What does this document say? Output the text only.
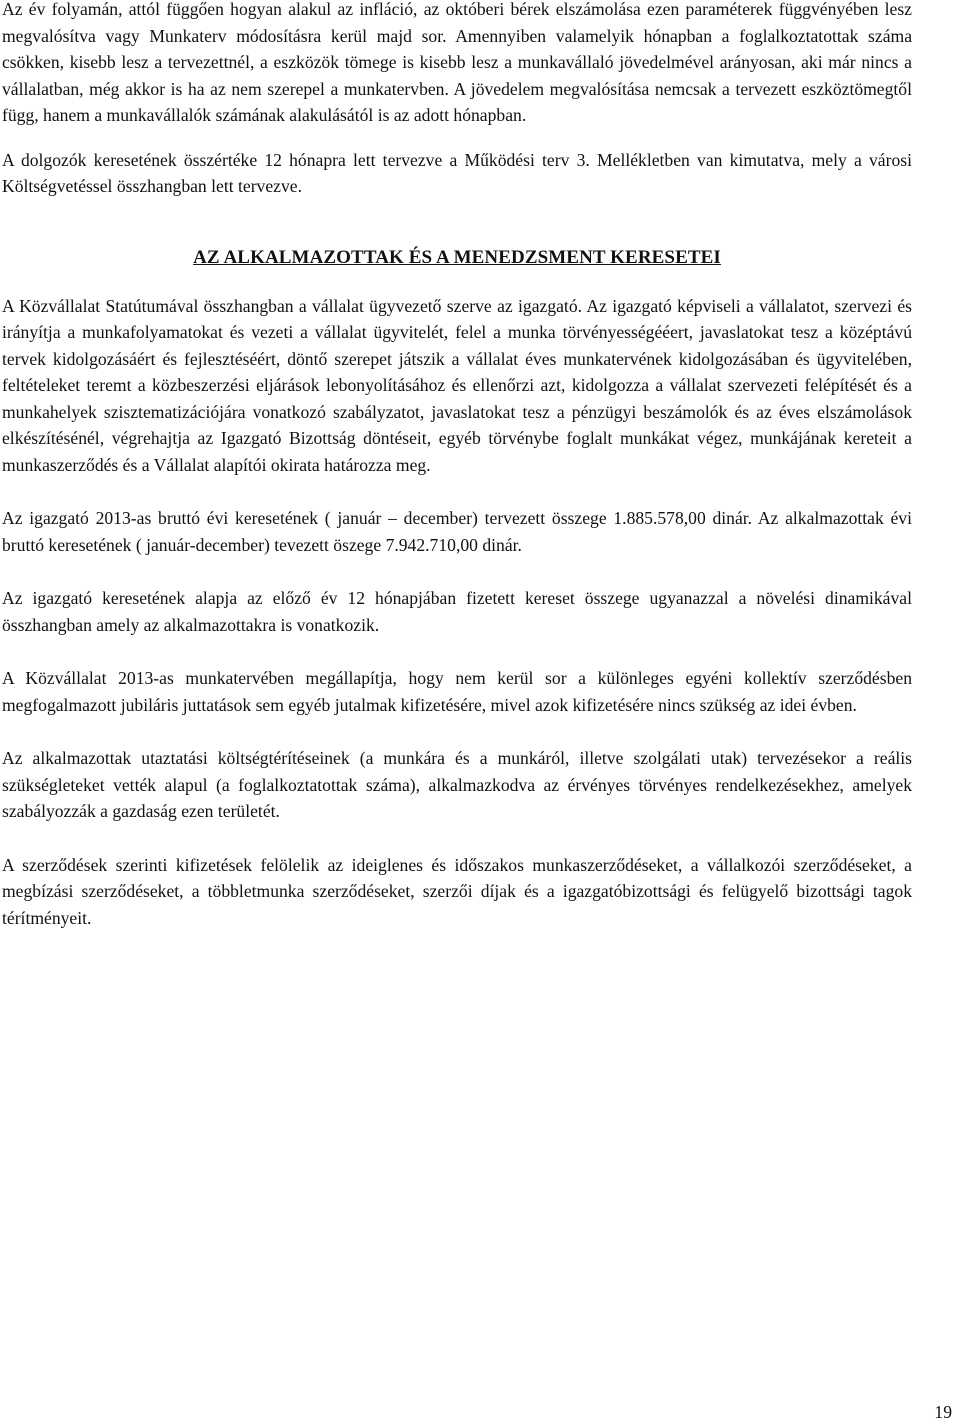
Az év folyamán, attól függően hogyan alakul az infláció, az októberi bérek elszámolása ezen paraméterek függvényében lesz megvalósítva vagy Munkaterv módosításra kerül majd sor. Amennyiben valamelyik hónapban a foglalkoztatottak száma csökken, kisebb lesz a tervezettnél, a eszközök tömege is kisebb lesz a munkavállaló jövedelmével arányosan, aki már nincs a vállalatban, még akkor is ha az nem szerepel a munkatervben. A jövedelem megvalósítása nemcsak a tervezett eszköztömegtől függ, hanem a munkavállalók számának alakulásától is az adott hónapban.

A dolgozók keresetének összértéke 12 hónapra lett tervezve a Működési terv 3. Mellékletben van kimutatva, mely a városi Költségvetéssel összhangban lett tervezve.

AZ ALKALMAZOTTAK ÉS A MENEDZSMENT KERESETEI

A Közvállalat Statútumával összhangban a vállalat ügyvezető szerve az igazgató. Az igazgató képviseli a vállalatot, szervezi és irányítja a munkafolyamatokat és vezeti a vállalat ügyvitelét, felel a munka törvényességééert, javaslatokat tesz a középtávú tervek kidolgozásáért és fejlesztéséért, döntő szerepet játszik a vállalat éves munkatervének kidolgozásában és ügyvitelében, feltételeket teremt a közbeszerzési eljárások lebonyolításához és ellenőrzi azt, kidolgozza a vállalat szervezeti felépítését és a munkahelyek szisztematizációjára vonatkozó szabályzatot, javaslatokat tesz a pénzügyi beszámolók és az éves elszámolások elkészítésénél, végrehajtja az Igazgató Bizottság döntéseit, egyéb törvénybe foglalt munkákat végez, munkájának kereteit a munkaszerződés és a Vállalat alapítói okirata határozza meg.

Az igazgató 2013-as bruttó évi keresetének ( január – december) tervezett összege 1.885.578,00 dinár. Az alkalmazottak évi bruttó keresetének ( január-december) tevezett öszege 7.942.710,00 dinár.

Az igazgató keresetének alapja az előző év 12 hónapjában fizetett kereset összege ugyanazzal a növelési dinamikával összhangban amely az alkalmazottakra is vonatkozik.

A Közvállalat 2013-as munkatervében megállapítja, hogy nem kerül sor a különleges egyéni kollektív szerződésben megfogalmazott jubiláris juttatások sem egyéb jutalmak kifizetésére, mivel azok kifizetésére nincs szükség az idei évben.

Az alkalmazottak utaztatási költségtérítéseinek (a munkára és a munkáról, illetve szolgálati utak) tervezésekor a reális szükségleteket vették alapul (a foglalkoztatottak száma), alkalmazkodva az érvényes törvényes rendelkezésekhez, amelyek szabályozzák a gazdaság ezen területét.

A szerződések szerinti kifizetések felölelik az ideiglenes és időszakos munkaszerződéseket, a vállalkozói szerződéseket, a megbízási szerződéseket, a többletmunka szerződéseket, szerzői díjak és a igazgatóbizottsági és felügyelő bizottsági tagok térítményeit.

19
